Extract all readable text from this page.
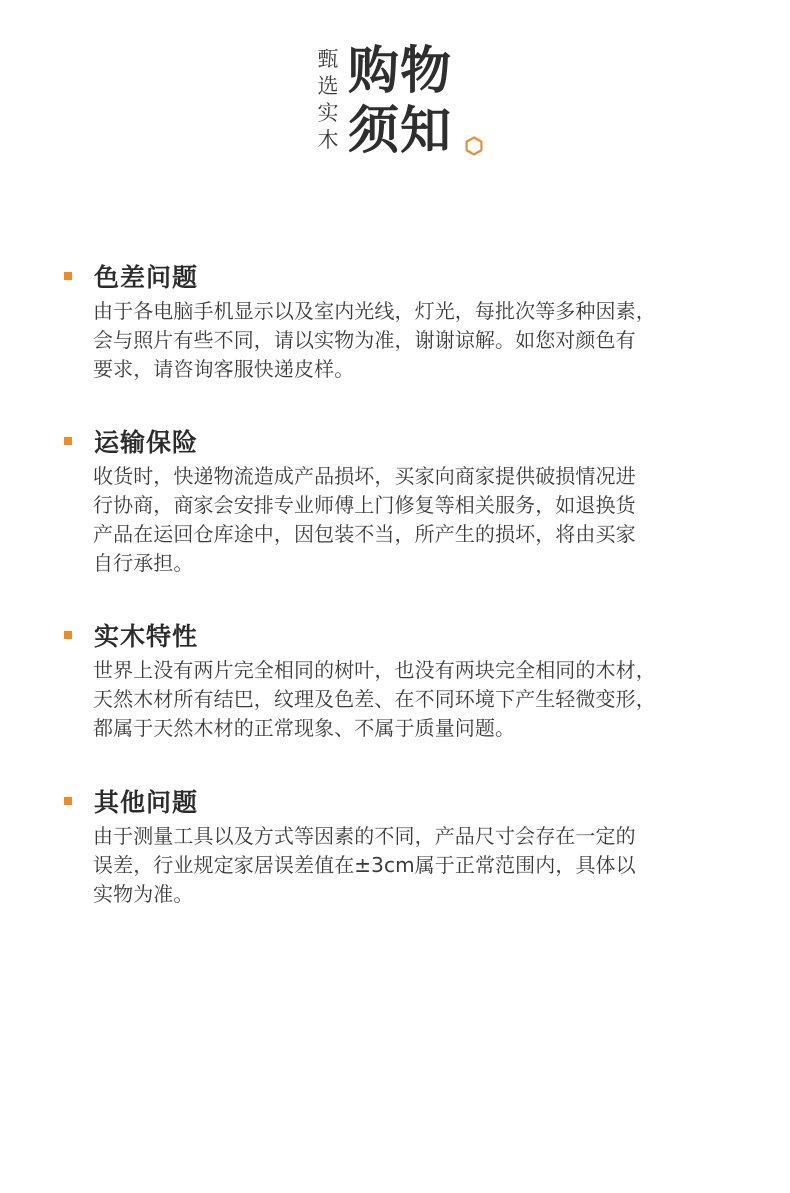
甄
选
实
木
购物
须知
色差问题
由于各电脑手机显示以及室内光线，灯光，每批次等多种因素，
会与照片有些不同，请以实物为准，谢谢谅解。如您对颜色有
要求，请咨询客服快递皮样。
运输保险
收货时，快递物流造成产品损坏，买家向商家提供破损情况进
行协商，商家会安排专业师傅上门修复等相关服务，如退换货
产品在运回仓库途中，因包装不当，所产生的损坏，将由买家
自行承担。
实木特性
世界上没有两片完全相同的树叶，也没有两块完全相同的木材，
天然木材所有结巴，纹理及色差、在不同环境下产生轻微变形，
都属于天然木材的正常现象、不属于质量问题。
其他问题
由于测量工具以及方式等因素的不同，产品尺寸会存在一定的
误差，行业规定家居误差值在±3cm属于正常范围内，具体以
实物为准。
